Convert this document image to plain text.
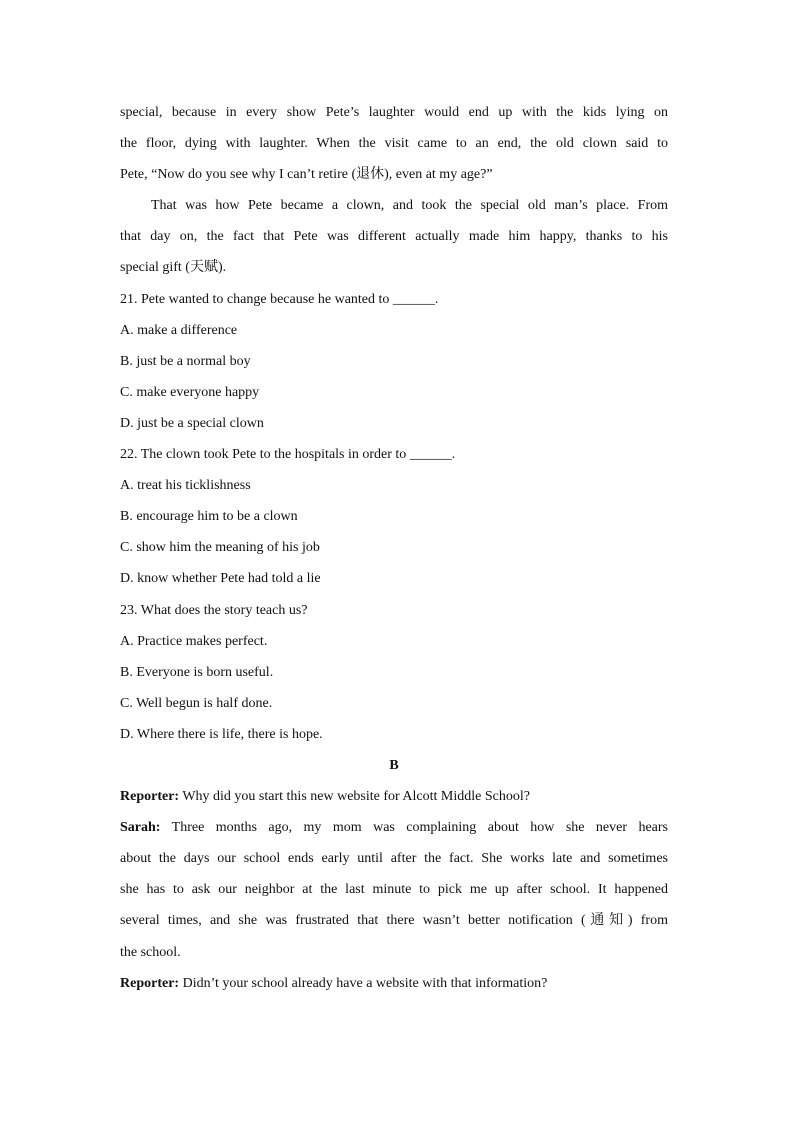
special, because in every show Pete’s laughter would end up with the kids lying on
the floor, dying with laughter. When the visit came to an end, the old clown said to
Pete, “Now do you see why I can’t retire (退休), even at my age?”
That was how Pete became a clown, and took the special old man’s place. From
that day on, the fact that Pete was different actually made him happy, thanks to his
special gift (天赋).
21. Pete wanted to change because he wanted to ______.
A. make a difference
B. just be a normal boy
C. make everyone happy
D. just be a special clown
22. The clown took Pete to the hospitals in order to ______.
A. treat his ticklishness
B. encourage him to be a clown
C. show him the meaning of his job
D. know whether Pete had told a lie
23. What does the story teach us?
A. Practice makes perfect.
B. Everyone is born useful.
C. Well begun is half done.
D. Where there is life, there is hope.
B
Reporter: Why did you start this new website for Alcott Middle School?
Sarah: Three months ago, my mom was complaining about how she never hears
about the days our school ends early until after the fact. She works late and sometimes
she has to ask our neighbor at the last minute to pick me up after school. It happened
several times, and she was frustrated that there wasn’t better notification (通知) from
the school.
Reporter: Didn’t your school already have a website with that information?
